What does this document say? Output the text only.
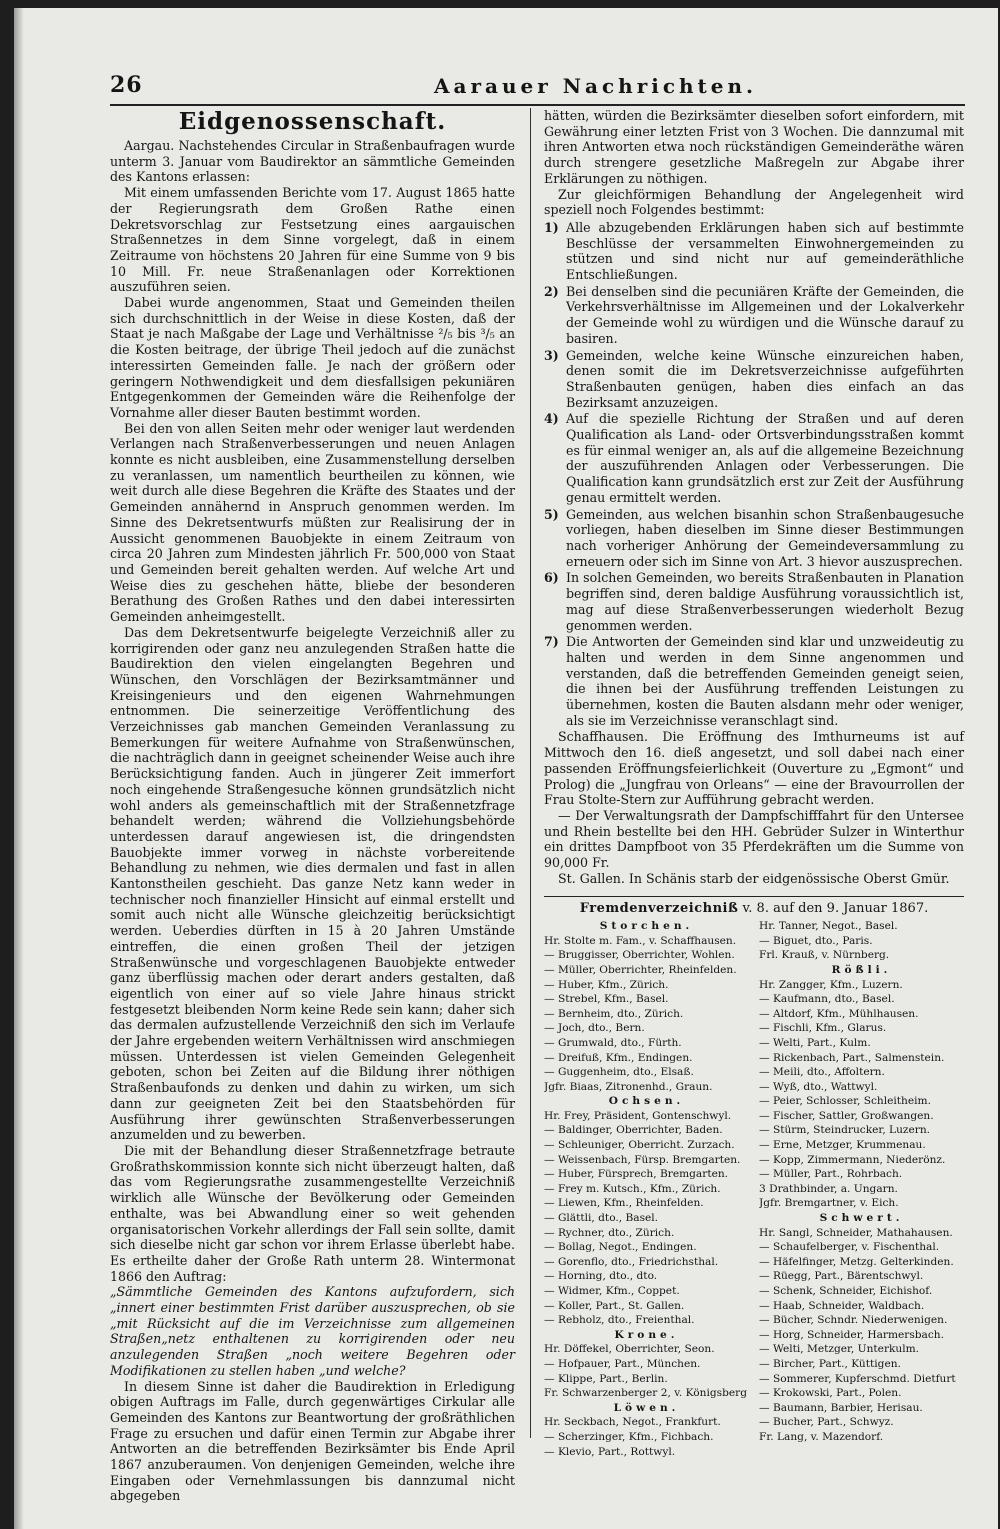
26	Aarauer Nachrichten.
Eidgenossenschaft.

Aargau. Nachstehendes Circular in Straßenbaufragen wurde unterm 3. Januar vom Baudirektor an sämmtliche Gemeinden des Kantons erlassen:

Mit einem umfassenden Berichte vom 17. August 1865 hatte der Regierungsrath dem Großen Rathe einen Dekretsvorschlag zur Festsetzung eines aargauischen Straßennetzes in dem Sinne vorgelegt, daß in einem Zeitraume von höchstens 20 Jahren für eine Summe von 9 bis 10 Mill. Fr. neue Straßenanlagen oder Korrektionen auszuführen seien.

Dabei wurde angenommen, Staat und Gemeinden theilen sich durchschnittlich in der Weise in diese Kosten, daß der Staat je nach Maßgabe der Lage und Verhältnisse ²/₅ bis ³/₅ an die Kosten beitrage, der übrige Theil jedoch auf die zunächst interessirten Gemeinden falle. Je nach der größern oder geringern Nothwendigkeit und dem diesfallsigen pekuniären Entgegenkommen der Gemeinden wäre die Reihenfolge der Vornahme aller dieser Bauten bestimmt worden.

Bei den von allen Seiten mehr oder weniger laut werdenden Verlangen nach Straßenverbesserungen und neuen Anlagen konnte es nicht ausbleiben, eine Zusammenstellung derselben zu veranlassen, um namentlich beurtheilen zu können, wie weit durch alle diese Begehren die Kräfte des Staates und der Gemeinden annähernd in Anspruch genommen werden. Im Sinne des Dekretsentwurfs müßten zur Realisirung der in Aussicht genommenen Bauobjekte in einem Zeitraum von circa 20 Jahren zum Mindesten jährlich Fr. 500,000 von Staat und Gemeinden bereit gehalten werden. Auf welche Art und Weise dies zu geschehen hätte, bliebe der besonderen Berathung des Großen Rathes und den dabei interessirten Gemeinden anheimgestellt.

Das dem Dekretsentwurfe beigelegte Verzeichniß aller zu korrigirenden oder ganz neu anzulegenden Straßen hatte die Baudirektion den vielen eingelangten Begehren und Wünschen, den Vorschlägen der Bezirksamtmänner und Kreisingenieurs und den eigenen Wahrnehmungen entnommen. Die seinerzeitige Veröffentlichung des Verzeichnisses gab manchen Gemeinden Veranlassung zu Bemerkungen für weitere Aufnahme von Straßenwünschen, die nachträglich dann in geeignet scheinender Weise auch ihre Berücksichtigung fanden. Auch in jüngerer Zeit immerfort noch eingehende Straßengesuche können grundsätzlich nicht wohl anders als gemeinschaftlich mit der Straßennetzfrage behandelt werden; während die Vollziehungsbehörde unterdessen darauf angewiesen ist, die dringendsten Bauobjekte immer vorweg in nächste vorbereitende Behandlung zu nehmen, wie dies dermalen und fast in allen Kantonstheilen geschieht. Das ganze Netz kann weder in technischer noch finanzieller Hinsicht auf einmal erstellt und somit auch nicht alle Wünsche gleichzeitig berücksichtigt werden. Ueberdies dürften in 15 à 20 Jahren Umstände eintreffen, die einen großen Theil der jetzigen Straßenwünsche und vorgeschlagenen Bauobjekte entweder ganz überflüssig machen oder derart anders gestalten, daß eigentlich von einer auf so viele Jahre hinaus strickt festgesetzt bleibenden Norm keine Rede sein kann; daher sich das dermalen aufzustellende Verzeichniß den sich im Verlaufe der Jahre ergebenden weitern Verhältnissen wird anschmiegen müssen. Unterdessen ist vielen Gemeinden Gelegenheit geboten, schon bei Zeiten auf die Bildung ihrer nöthigen Straßenbaufonds zu denken und dahin zu wirken, um sich dann zur geeigneten Zeit bei den Staatsbehörden für Ausführung ihrer gewünschten Straßenverbesserungen anzumelden und zu bewerben.

Die mit der Behandlung dieser Straßennetzfrage betraute Großrathskommission konnte sich nicht überzeugt halten, daß das vom Regierungsrathe zusammengestellte Verzeichniß wirklich alle Wünsche der Bevölkerung oder Gemeinden enthalte, was bei Abwandlung einer so weit gehenden organisatorischen Vorkehr allerdings der Fall sein sollte, damit sich dieselbe nicht gar schon vor ihrem Erlasse überlebt habe. Es ertheilte daher der Große Rath unterm 28. Wintermonat 1866 den Auftrag:

„Sämmtliche Gemeinden des Kantons aufzufordern, sich „innert einer bestimmten Frist darüber auszusprechen, ob sie „mit Rücksicht auf die im Verzeichnisse zum allgemeinen Straßen„netz enthaltenen zu korrigirenden oder neu anzulegenden Straßen „noch weitere Begehren oder Modifikationen zu stellen haben „und welche?

In diesem Sinne ist daher die Baudirektion in Erledigung obigen Auftrags im Falle, durch gegenwärtiges Cirkular alle Gemeinden des Kantons zur Beantwortung der großräthlichen Frage zu ersuchen und dafür einen Termin zur Abgabe ihrer Antworten an die betreffenden Bezirksämter bis Ende April 1867 anzuberaumen. Von denjenigen Gemeinden, welche ihre Eingaben oder Vernehmlassungen bis dannzumal nicht abgegeben

hätten, würden die Bezirksämter dieselben sofort einfordern, mit Gewährung einer letzten Frist von 3 Wochen. Die dannzumal mit ihren Antworten etwa noch rückständigen Gemeinderäthe wären durch strengere gesetzliche Maßregeln zur Abgabe ihrer Erklärungen zu nöthigen.

Zur gleichförmigen Behandlung der Angelegenheit wird speziell noch Folgendes bestimmt:

1) Alle abzugebenden Erklärungen haben sich auf bestimmte Beschlüsse der versammelten Einwohnergemeinden zu stützen und sind nicht nur auf gemeinderäthliche Entschließungen.
2) Bei denselben sind die pecuniären Kräfte der Gemeinden, die Verkehrsverhältnisse im Allgemeinen und der Lokalverkehr der Gemeinde wohl zu würdigen und die Wünsche darauf zu basiren.
3) Gemeinden, welche keine Wünsche einzureichen haben, denen somit die im Dekretsverzeichnisse aufgeführten Straßenbauten genügen, haben dies einfach an das Bezirksamt anzuzeigen.
4) Auf die spezielle Richtung der Straßen und auf deren Qualification als Land- oder Ortsverbindungsstraßen kommt es für einmal weniger an, als auf die allgemeine Bezeichnung der auszuführenden Anlagen oder Verbesserungen. Die Qualification kann grundsätzlich erst zur Zeit der Ausführung genau ermittelt werden.
5) Gemeinden, aus welchen bisanhin schon Straßenbaugesuche vorliegen, haben dieselben im Sinne dieser Bestimmungen nach vorheriger Anhörung der Gemeindeversammlung zu erneuern oder sich im Sinne von Art. 3 hievor auszusprechen.
6) In solchen Gemeinden, wo bereits Straßenbauten in Planation begriffen sind, deren baldige Ausführung voraussichtlich ist, mag auf diese Straßenverbesserungen wiederholt Bezug genommen werden.
7) Die Antworten der Gemeinden sind klar und unzweideutig zu halten und werden in dem Sinne angenommen und verstanden, daß die betreffenden Gemeinden geneigt seien, die ihnen bei der Ausführung treffenden Leistungen zu übernehmen, kosten die Bauten alsdann mehr oder weniger, als sie im Verzeichnisse veranschlagt sind.

Schaffhausen. Die Eröffnung des Imthurneums ist auf Mittwoch den 16. dieß angesetzt, und soll dabei nach einer passenden Eröffnungsfeierlichkeit (Ouverture zu „Egmont“ und Prolog) die „Jungfrau von Orleans“ — eine der Bravourrollen der Frau Stolte-Stern zur Aufführung gebracht werden.

— Der Verwaltungsrath der Dampfschifffahrt für den Untersee und Rhein bestellte bei den HH. Gebrüder Sulzer in Winterthur ein drittes Dampfboot von 35 Pferdekräften um die Summe von 90,000 Fr.

St. Gallen. In Schänis starb der eidgenössische Oberst Gmür.

Fremdenverzeichniß v. 8. auf den 9. Januar 1867.
Storchen.
Hr. Stolte m. Fam., v. Schaffhausen.
— Bruggisser, Oberrichter, Wohlen.
— Müller, Oberrichter, Rheinfelden.
— Huber, Kfm., Zürich.
— Strebel, Kfm., Basel.
— Bernheim, dto., Zürich.
— Joch, dto., Bern.
— Grumwald, dto., Fürth.
— Dreifuß, Kfm., Endingen.
— Guggenheim, dto., Elsaß.
Jgfr. Biaas, Zitronenhd., Graun.
Ochsen.
Hr. Frey, Präsident, Gontenschwyl.
— Baldinger, Oberrichter, Baden.
— Schleuniger, Oberricht. Zurzach.
— Weissenbach, Fürsp. Bremgarten.
— Huber, Fürsprech, Bremgarten.
— Frey m. Kutsch., Kfm., Zürich.
— Liewen, Kfm., Rheinfelden.
— Glättli, dto., Basel.
— Rychner, dto., Zürich.
— Bollag, Negot., Endingen.
— Gorenflo, dto., Friedrichsthal.
— Horning, dto., dto.
— Widmer, Kfm., Coppet.
— Koller, Part., St. Gallen.
— Rebholz, dto., Freienthal.
Krone.
Hr. Döffekel, Oberrichter, Seon.
— Hofpauer, Part., München.
— Klippe, Part., Berlin.
Fr. Schwarzenberger 2, v. Königsberg
Löwen.
Hr. Seckbach, Negot., Frankfurt.
— Scherzinger, Kfm., Fichbach.
— Klevio, Part., Rottwyl.
Hr. Tanner, Negot., Basel.
— Biguet, dto., Paris.
Frl. Krauß, v. Nürnberg.
Rößli.
Hr. Zangger, Kfm., Luzern.
— Kaufmann, dto., Basel.
— Altdorf, Kfm., Mühlhausen.
— Fischli, Kfm., Glarus.
— Welti, Part., Kulm.
— Rickenbach, Part., Salmenstein.
— Meili, dto., Affoltern.
— Wyß, dto., Wattwyl.
— Peier, Schlosser, Schleitheim.
— Fischer, Sattler, Großwangen.
— Stürm, Steindrucker, Luzern.
— Erne, Metzger, Krummenau.
— Kopp, Zimmermann, Niederönz.
— Müller, Part., Rohrbach.
3 Drathbinder, a. Ungarn.
Jgfr. Bremgartner, v. Eich.
Schwert.
Hr. Sangl, Schneider, Mathahausen.
— Schaufelberger, v. Fischenthal.
— Häfelfinger, Metzg. Gelterkinden.
— Rüegg, Part., Bärentschwyl.
— Schenk, Schneider, Eichishof.
— Haab, Schneider, Waldbach.
— Bücher, Schndr. Niederwenigen.
— Horg, Schneider, Harmersbach.
— Welti, Metzger, Unterkulm.
— Bircher, Part., Küttigen.
— Sommerer, Kupferschmd. Dietfurt
— Krokowski, Part., Polen.
— Baumann, Barbier, Herisau.
— Bucher, Part., Schwyz.
Fr. Lang, v. Mazendorf.
